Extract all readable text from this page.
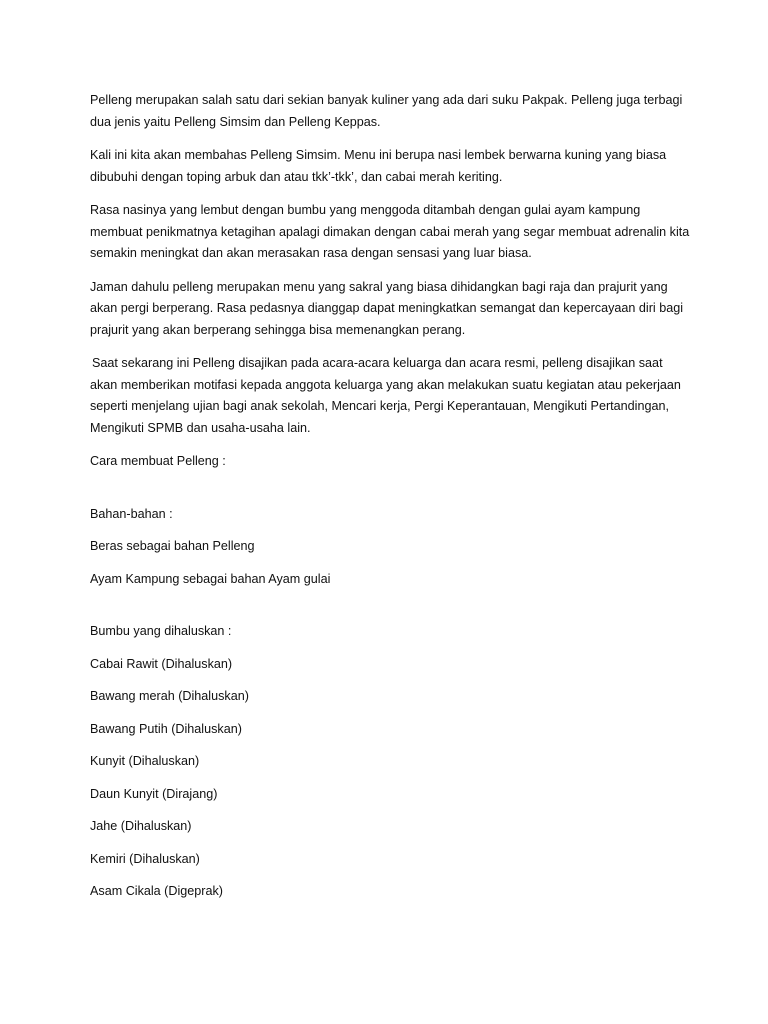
Pelleng merupakan salah satu dari sekian banyak kuliner yang ada dari suku Pakpak. Pelleng juga terbagi dua jenis yaitu Pelleng Simsim dan Pelleng Keppas.

Kali ini kita akan membahas Pelleng Simsim. Menu ini berupa nasi lembek berwarna kuning yang biasa dibubuhi dengan toping arbuk dan atau tkk’-tkk’, dan cabai merah keriting.

Rasa nasinya yang lembut dengan bumbu yang menggoda ditambah dengan gulai ayam kampung membuat penikmatnya ketagihan apalagi dimakan dengan cabai merah yang segar membuat adrenalin kita semakin meningkat dan akan merasakan rasa dengan sensasi yang luar biasa.

Jaman dahulu pelleng merupakan menu yang sakral yang biasa dihidangkan bagi raja dan prajurit yang akan pergi berperang. Rasa pedasnya dianggap dapat meningkatkan semangat dan kepercayaan diri bagi prajurit yang akan berperang sehingga bisa memenangkan perang.

Saat sekarang ini Pelleng disajikan pada acara-acara keluarga dan acara resmi, pelleng disajikan saat akan memberikan motifasi kepada anggota keluarga yang akan melakukan suatu kegiatan atau pekerjaan seperti menjelang ujian bagi anak sekolah, Mencari kerja, Pergi Keperantauan, Mengikuti Pertandingan, Mengikuti SPMB dan usaha-usaha lain.

Cara membuat Pelleng :

Bahan-bahan :

Beras sebagai bahan Pelleng

Ayam Kampung sebagai bahan Ayam gulai

Bumbu yang dihaluskan :

Cabai Rawit (Dihaluskan)

Bawang merah (Dihaluskan)

Bawang Putih (Dihaluskan)

Kunyit (Dihaluskan)

Daun Kunyit (Dirajang)

Jahe (Dihaluskan)

Kemiri (Dihaluskan)

Asam Cikala (Digeprak)
